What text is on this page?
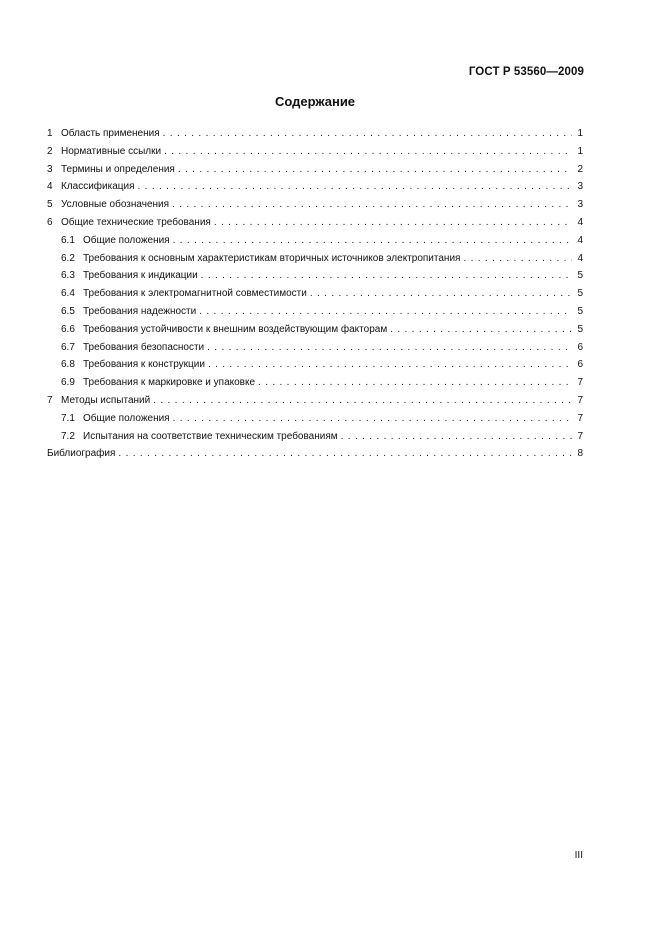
ГОСТ Р 53560—2009
Содержание
1 Область применения . . .	1
2 Нормативные ссылки . . .	1
3 Термины и определения . . .	2
4 Классификация . . .	3
5 Условные обозначения . . .	3
6 Общие технические требования . . .	4
6.1 Общие положения . . .	4
6.2 Требования к основным характеристикам вторичных источников электропитания . . .	4
6.3 Требования к индикации . . .	5
6.4 Требования к электромагнитной совместимости . . .	5
6.5 Требования надежности . . .	5
6.6 Требования устойчивости к внешним воздействующим факторам . . .	5
6.7 Требования безопасности . . .	6
6.8 Требования к конструкции . . .	6
6.9 Требования к маркировке и упаковке . . .	7
7 Методы испытаний . . .	7
7.1 Общие положения . . .	7
7.2 Испытания на соответствие техническим требованиям . . .	7
Библиография . . .	8
III
